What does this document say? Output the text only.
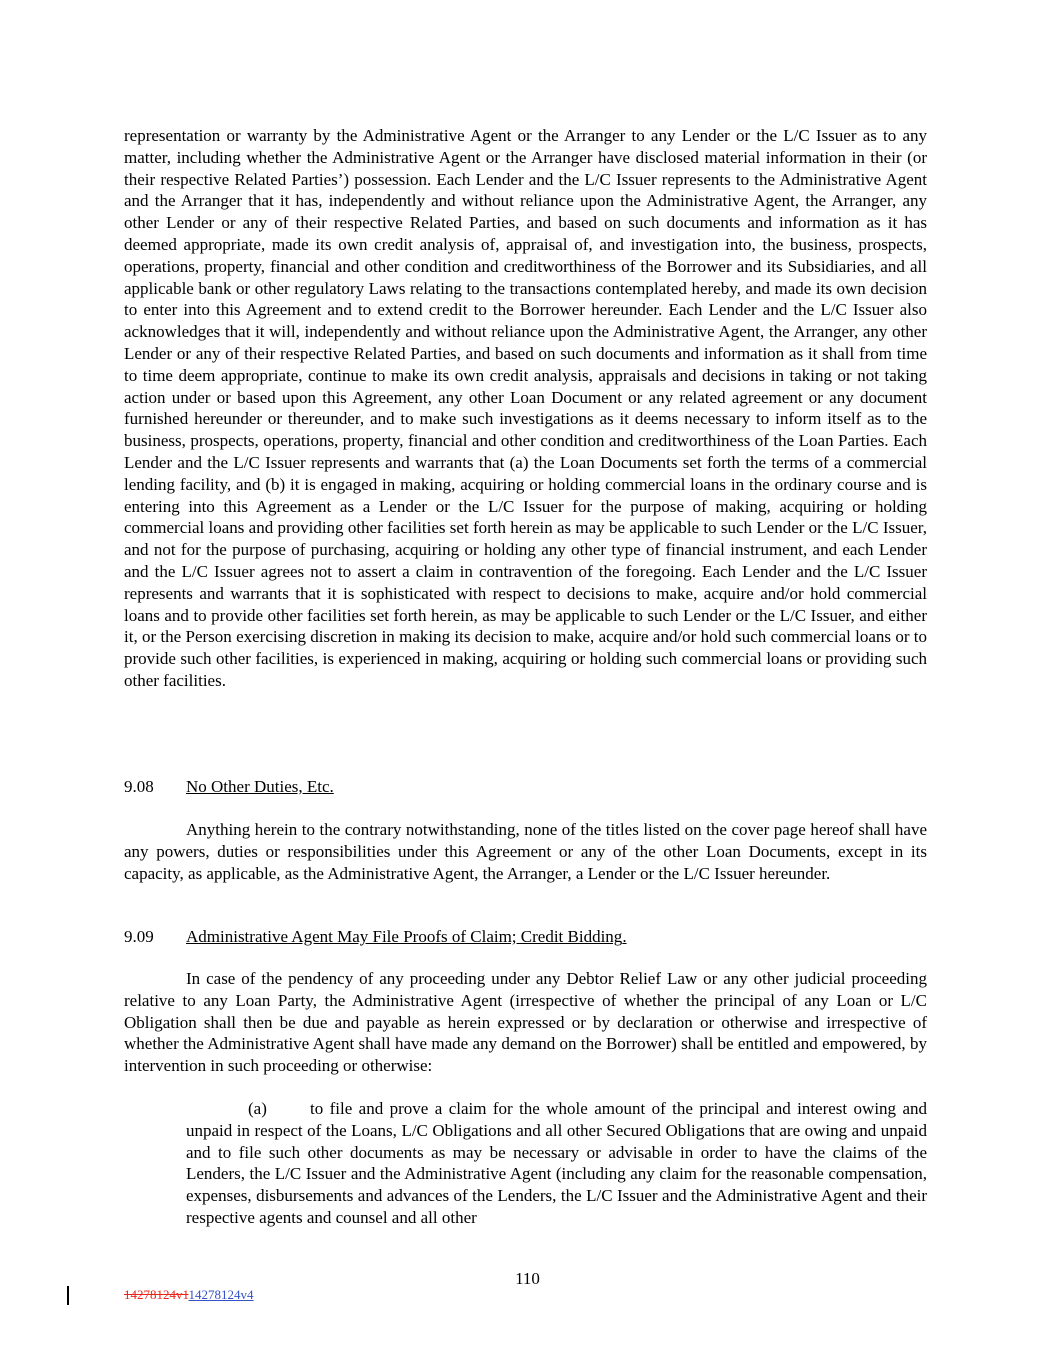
representation or warranty by the Administrative Agent or the Arranger to any Lender or the L/C Issuer as to any matter, including whether the Administrative Agent or the Arranger have disclosed material information in their (or their respective Related Parties’) possession. Each Lender and the L/C Issuer represents to the Administrative Agent and the Arranger that it has, independently and without reliance upon the Administrative Agent, the Arranger, any other Lender or any of their respective Related Parties, and based on such documents and information as it has deemed appropriate, made its own credit analysis of, appraisal of, and investigation into, the business, prospects, operations, property, financial and other condition and creditworthiness of the Borrower and its Subsidiaries, and all applicable bank or other regulatory Laws relating to the transactions contemplated hereby, and made its own decision to enter into this Agreement and to extend credit to the Borrower hereunder. Each Lender and the L/C Issuer also acknowledges that it will, independently and without reliance upon the Administrative Agent, the Arranger, any other Lender or any of their respective Related Parties, and based on such documents and information as it shall from time to time deem appropriate, continue to make its own credit analysis, appraisals and decisions in taking or not taking action under or based upon this Agreement, any other Loan Document or any related agreement or any document furnished hereunder or thereunder, and to make such investigations as it deems necessary to inform itself as to the business, prospects, operations, property, financial and other condition and creditworthiness of the Loan Parties. Each Lender and the L/C Issuer represents and warrants that (a) the Loan Documents set forth the terms of a commercial lending facility, and (b) it is engaged in making, acquiring or holding commercial loans in the ordinary course and is entering into this Agreement as a Lender or the L/C Issuer for the purpose of making, acquiring or holding commercial loans and providing other facilities set forth herein as may be applicable to such Lender or the L/C Issuer, and not for the purpose of purchasing, acquiring or holding any other type of financial instrument, and each Lender and the L/C Issuer agrees not to assert a claim in contravention of the foregoing. Each Lender and the L/C Issuer represents and warrants that it is sophisticated with respect to decisions to make, acquire and/or hold commercial loans and to provide other facilities set forth herein, as may be applicable to such Lender or the L/C Issuer, and either it, or the Person exercising discretion in making its decision to make, acquire and/or hold such commercial loans or to provide such other facilities, is experienced in making, acquiring or holding such commercial loans or providing such other facilities.
9.08 No Other Duties, Etc.
Anything herein to the contrary notwithstanding, none of the titles listed on the cover page hereof shall have any powers, duties or responsibilities under this Agreement or any of the other Loan Documents, except in its capacity, as applicable, as the Administrative Agent, the Arranger, a Lender or the L/C Issuer hereunder.
9.09 Administrative Agent May File Proofs of Claim; Credit Bidding.
In case of the pendency of any proceeding under any Debtor Relief Law or any other judicial proceeding relative to any Loan Party, the Administrative Agent (irrespective of whether the principal of any Loan or L/C Obligation shall then be due and payable as herein expressed or by declaration or otherwise and irrespective of whether the Administrative Agent shall have made any demand on the Borrower) shall be entitled and empowered, by intervention in such proceeding or otherwise:
(a)	to file and prove a claim for the whole amount of the principal and interest owing and unpaid in respect of the Loans, L/C Obligations and all other Secured Obligations that are owing and unpaid and to file such other documents as may be necessary or advisable in order to have the claims of the Lenders, the L/C Issuer and the Administrative Agent (including any claim for the reasonable compensation, expenses, disbursements and advances of the Lenders, the L/C Issuer and the Administrative Agent and their respective agents and counsel and all other
110
14278124v114278124v4
